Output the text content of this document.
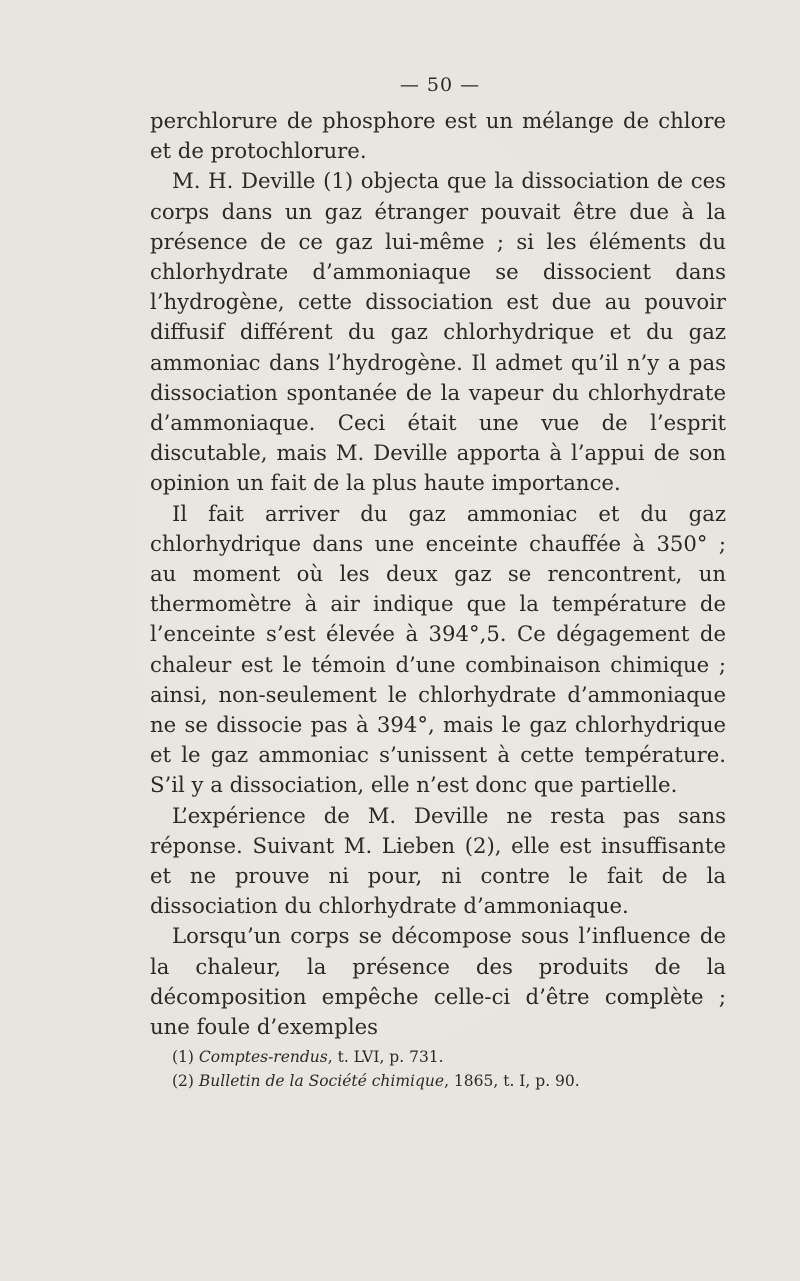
— 50 —

perchlorure de phosphore est un mélange de chlore et de protochlorure.

M. H. Deville (1) objecta que la dissociation de ces corps dans un gaz étranger pouvait être due à la présence de ce gaz lui-même ; si les éléments du chlorhydrate d’ammoniaque se dissocient dans l’hydrogène, cette dissociation est due au pouvoir diffusif différent du gaz chlorhydrique et du gaz ammoniac dans l’hydrogène. Il admet qu’il n’y a pas dissociation spontanée de la vapeur du chlorhydrate d’ammoniaque. Ceci était une vue de l’esprit discutable, mais M. Deville apporta à l’appui de son opinion un fait de la plus haute importance.

Il fait arriver du gaz ammoniac et du gaz chlorhydrique dans une enceinte chauffée à 350° ; au moment où les deux gaz se rencontrent, un thermomètre à air indique que la température de l’enceinte s’est élevée à 394°,5. Ce dégagement de chaleur est le témoin d’une combinaison chimique ; ainsi, non-seulement le chlorhydrate d’ammoniaque ne se dissocie pas à 394°, mais le gaz chlorhydrique et le gaz ammoniac s’unissent à cette température. S’il y a dissociation, elle n’est donc que partielle.

L’expérience de M. Deville ne resta pas sans réponse. Suivant M. Lieben (2), elle est insuffisante et ne prouve ni pour, ni contre le fait de la dissociation du chlorhydrate d’ammoniaque.

Lorsqu’un corps se décompose sous l’influence de la chaleur, la présence des produits de la décomposition empêche celle-ci d’être complète ; une foule d’exemples

(1) Comptes-rendus, t. LVI, p. 731.

(2) Bulletin de la Société chimique, 1865, t. I, p. 90.
